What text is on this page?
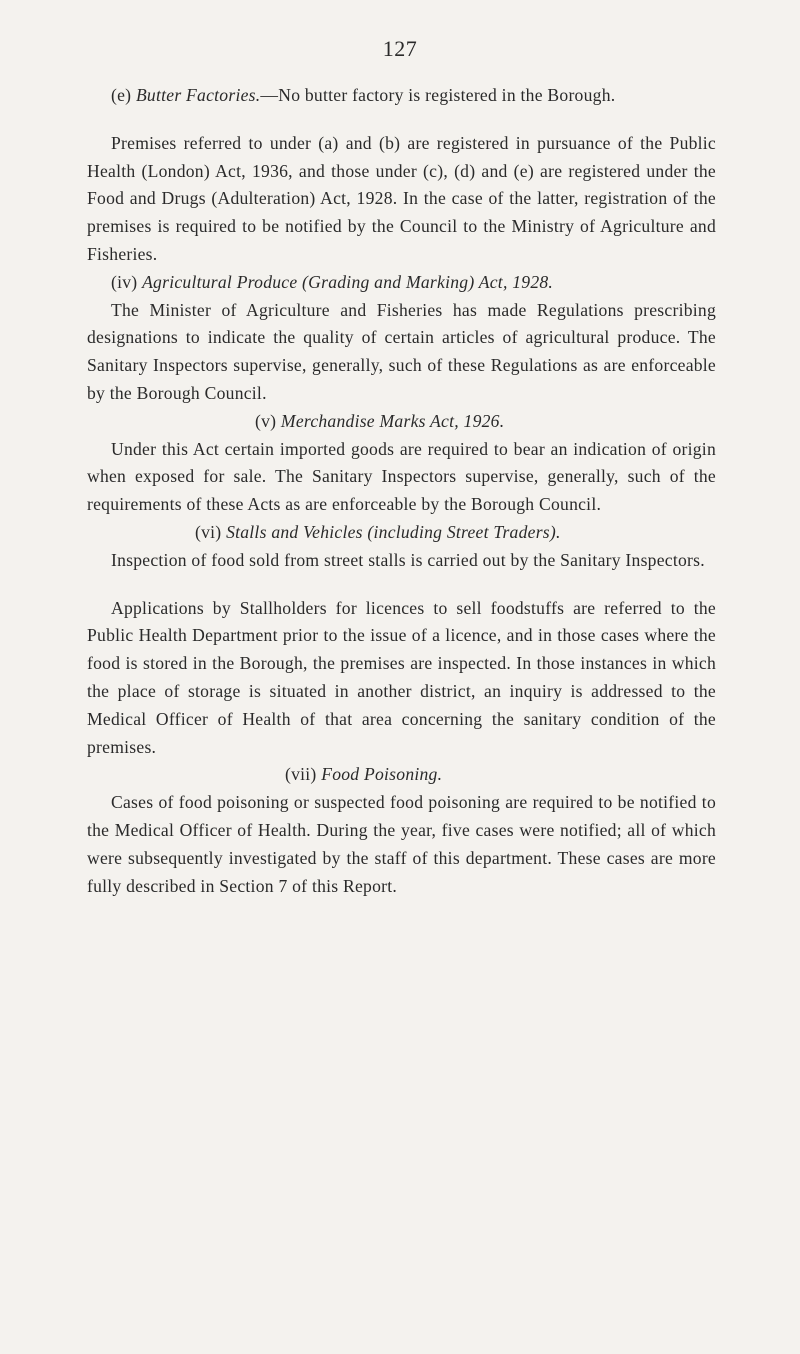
127

(e) Butter Factories.—No butter factory is registered in the Borough.

Premises referred to under (a) and (b) are registered in pursuance of the Public Health (London) Act, 1936, and those under (c), (d) and (e) are registered under the Food and Drugs (Adulteration) Act, 1928. In the case of the latter, registration of the premises is required to be notified by the Council to the Ministry of Agriculture and Fisheries.

(iv) Agricultural Produce (Grading and Marking) Act, 1928.

The Minister of Agriculture and Fisheries has made Regulations prescribing designations to indicate the quality of certain articles of agricultural produce. The Sanitary Inspectors supervise, generally, such of these Regulations as are enforceable by the Borough Council.

(v) Merchandise Marks Act, 1926.

Under this Act certain imported goods are required to bear an indication of origin when exposed for sale. The Sanitary Inspectors supervise, generally, such of the requirements of these Acts as are enforceable by the Borough Council.

(vi) Stalls and Vehicles (including Street Traders).

Inspection of food sold from street stalls is carried out by the Sanitary Inspectors.

Applications by Stallholders for licences to sell foodstuffs are referred to the Public Health Department prior to the issue of a licence, and in those cases where the food is stored in the Borough, the premises are inspected. In those instances in which the place of storage is situated in another district, an inquiry is addressed to the Medical Officer of Health of that area concerning the sanitary condition of the premises.

(vii) Food Poisoning.

Cases of food poisoning or suspected food poisoning are required to be notified to the Medical Officer of Health. During the year, five cases were notified; all of which were subsequently investigated by the staff of this department. These cases are more fully described in Section 7 of this Report.
